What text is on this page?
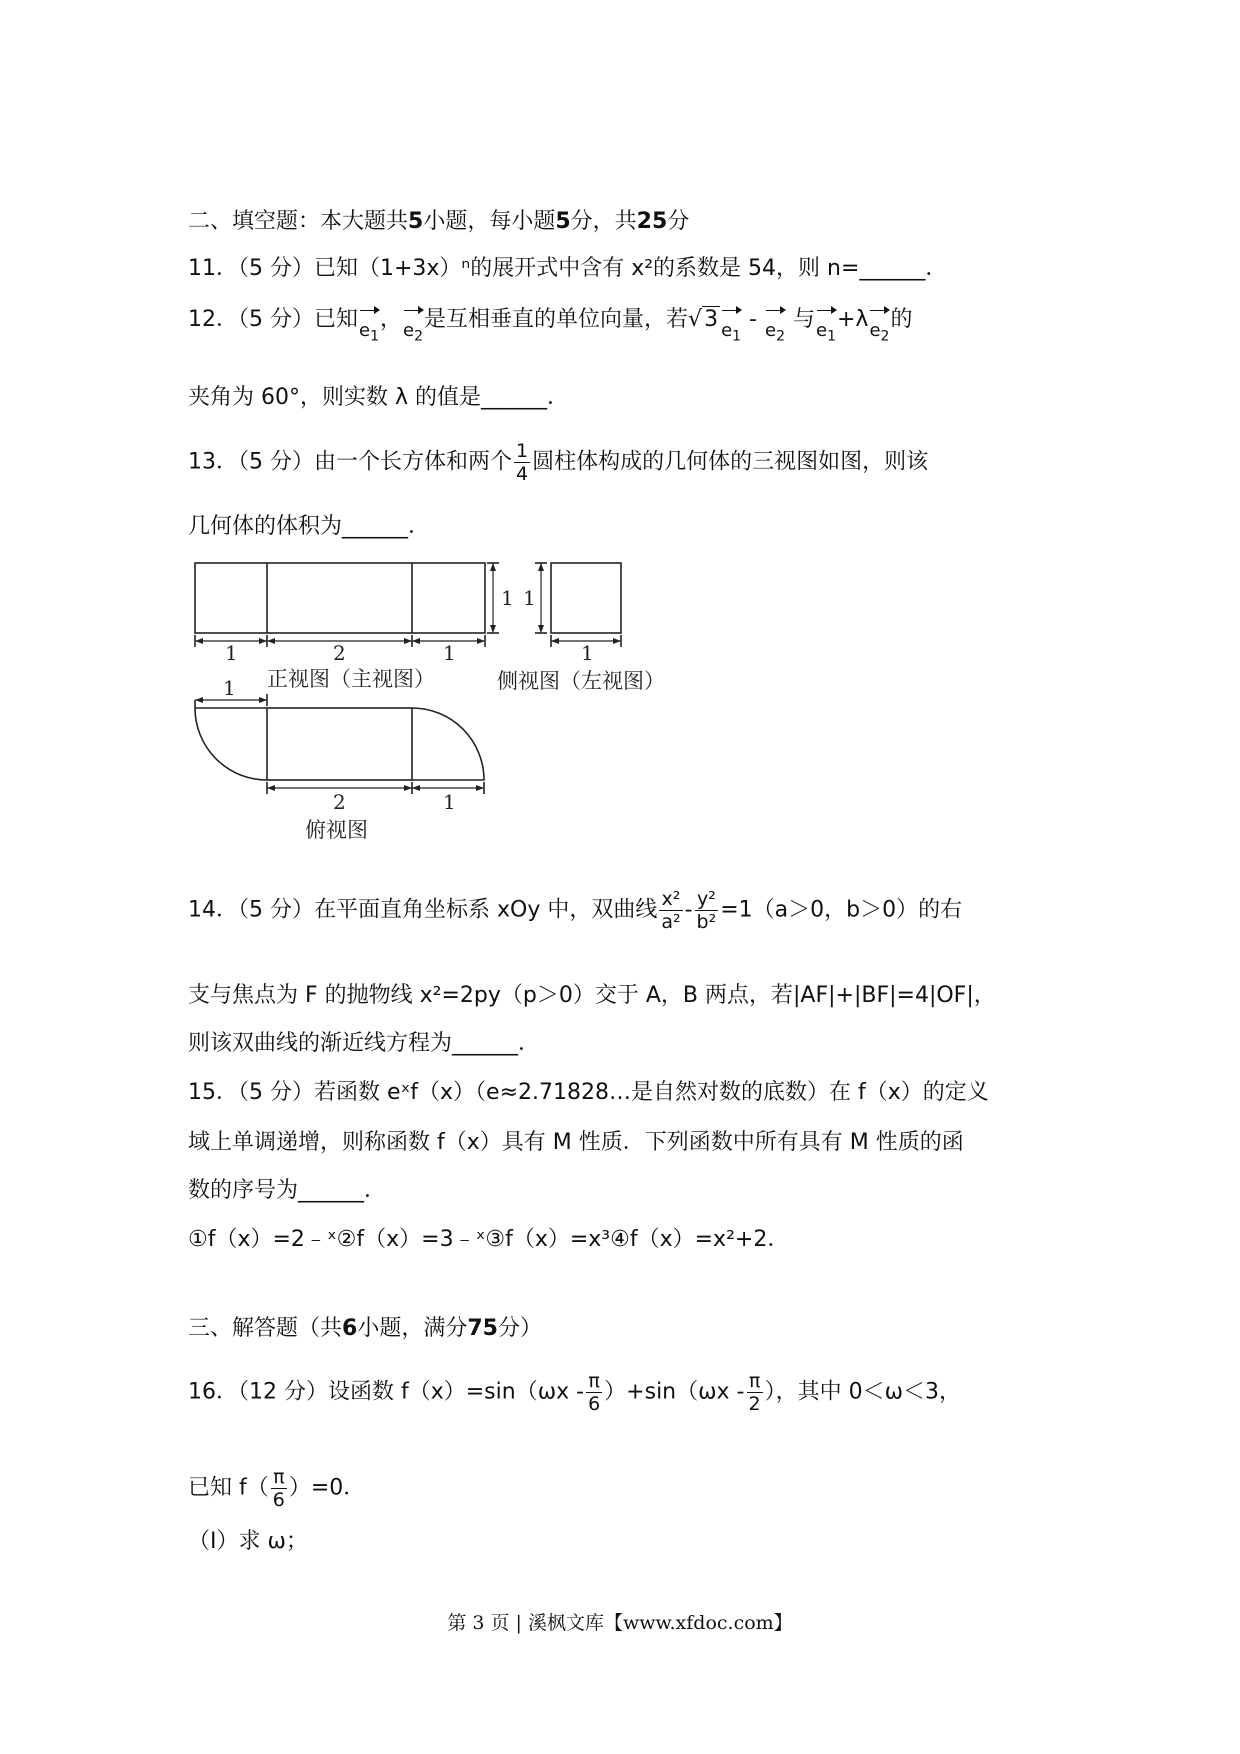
二、填空题：本大题共5小题，每小题5分，共25分
11．（5 分）已知（1+3x）ⁿ的展开式中含有 x²的系数是 54，则 n=______．
12．（5 分）已知$e_1$，$e_2$是互相垂直的单位向量，若√3 $e_1 - e_2$ 与$e_1+\lambda e_2$的
夹角为 60°，则实数 λ 的值是______．
13．（5 分）由一个长方体和两个 $\frac{1}{4}$ 圆柱体构成的几何体的三视图如图，则该
几何体的体积为______．
1	2	1
1 1
1
1
2	1
正视图（主视图）	侧视图（左视图）
俯视图
14．（5 分）在平面直角坐标系 xOy 中，双曲线 $\frac{\text{x²}}{\text{a²}} - \frac{\text{y²}}{\text{b²}} =1(a>0$，b＞0）的右
支与焦点为 F 的抛物线 x²=2py（p＞0）交于 A，B 两点，若|AF|+|BF|=4|OF|，
则该双曲线的渐近线方程为______．
15．（5 分）若函数 eˣf（x）（e≈2.71828…是自然对数的底数）在 f（x）的定义
域上单调递增，则称函数 f（x）具有 M 性质．下列函数中所有具有 M 性质的函
数的序号为______．
①f（x）=2﹣ˣ②f（x）=3﹣ˣ③f（x）=x³④f（x）=x²+2．
三、解答题（共6小题，满分75分）
16．（12 分）设函数 $f(x)=\sin(\omega x - \frac{\pi}{6} )+\sin(\omega x - \frac{\pi}{2}$ ），其中 0＜ω＜3，
已知 $f( \frac{\pi}{6} )=0$．
（Ⅰ）求 ω；
第 3 页 | 溪枫文库【www.xfdoc.com】
